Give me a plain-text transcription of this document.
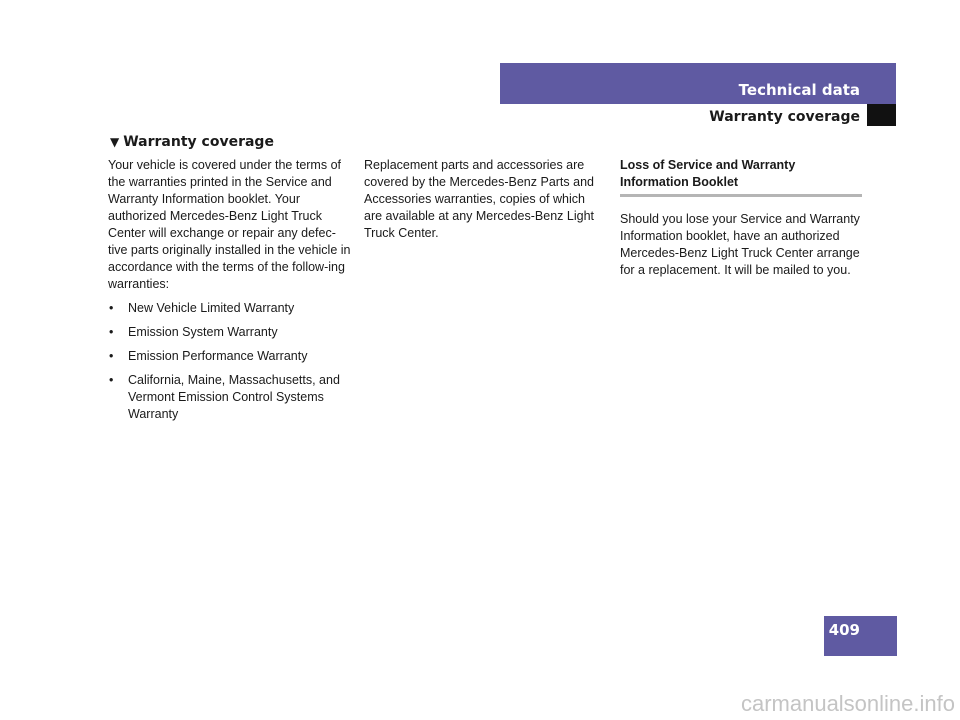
Technical data
Warranty coverage
▼ Warranty coverage

Your vehicle is covered under the terms of the warranties printed in the Service and Warranty Information booklet. Your authorized Mercedes-Benz Light Truck Center will exchange or repair any defec-tive parts originally installed in the vehicle in accordance with the terms of the follow-ing warranties:

• New Vehicle Limited Warranty
• Emission System Warranty
• Emission Performance Warranty
• California, Maine, Massachusetts, and Vermont Emission Control Systems Warranty

Replacement parts and accessories are covered by the Mercedes-Benz Parts and Accessories warranties, copies of which are available at any Mercedes-Benz Light Truck Center.

Loss of Service and Warranty Information Booklet

Should you lose your Service and Warranty Information booklet, have an authorized Mercedes-Benz Light Truck Center arrange for a replacement. It will be mailed to you.

409
carmanualsonline.info
